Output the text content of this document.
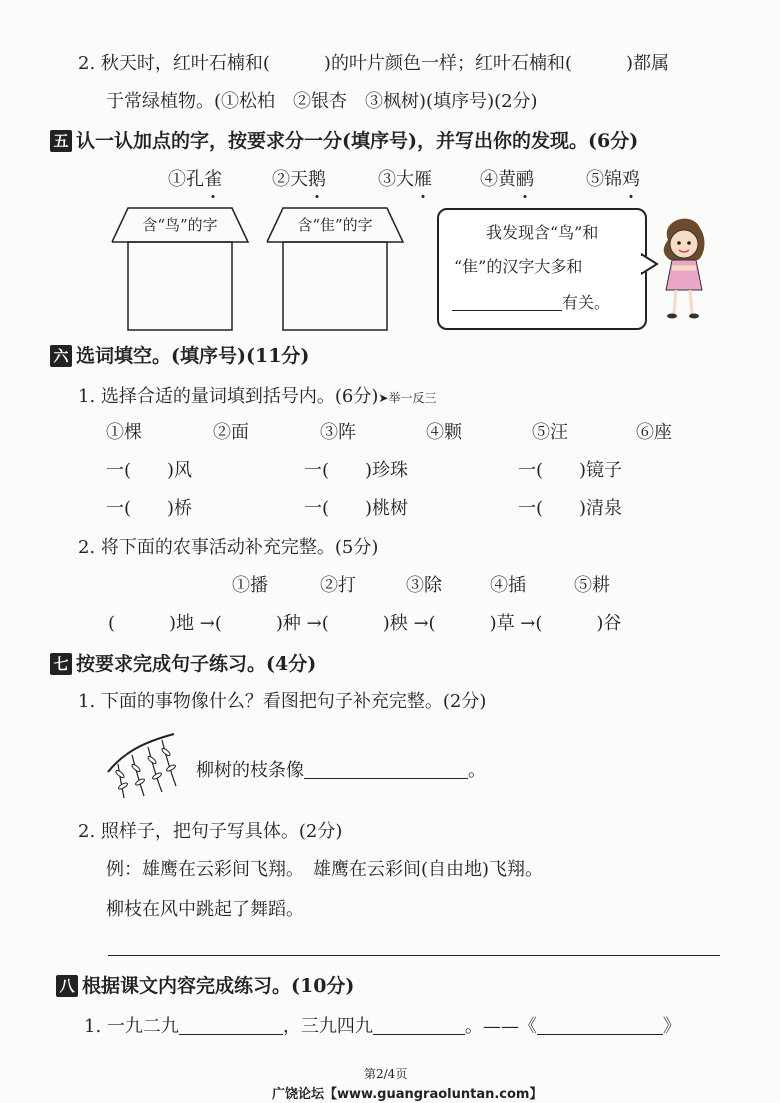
2. 秋天时，红叶石楠和(　　　)的叶片颜色一样；红叶石楠和(　　　)都属
于常绿植物。(①松柏　②银杏　③枫树)(填序号)(2分)
五 认一认加点的字，按要求分一分(填序号)，并写出你的发现。(6分)
①孔雀	②天鹅	③大雁	④黄鹂	⑤锦鸡
含“鸟”的字	含“隹”的字	我发现含“鸟”和
“隹”的汉字大多和
有关。
六 选词填空。(填序号)(11分)
1. 选择合适的量词填到括号内。(6分)➤举一反三
①棵	②面	③阵	④颗	⑤汪	⑥座
一(　　)风	一(　　)珍珠	一(　　)镜子
一(　　)桥	一(　　)桃树	一(　　)清泉
2. 将下面的农事活动补充完整。(5分)
①播	②打	③除	④插	⑤耕
(　　　)地 →(　　　)种 →(　　　)秧 →(　　　)草 →(　　　)谷
七 按要求完成句子练习。(4分)
1. 下面的事物像什么？看图把句子补充完整。(2分)
柳树的枝条像	。
2. 照样子，把句子写具体。(2分)
例：雄鹰在云彩间飞翔。　雄鹰在云彩间(自由地)飞翔。
柳枝在风中跳起了舞蹈。
八 根据课文内容完成练习。(10分)
1. 一九二九	，三九四九	。——《	》
第2/4页
广饶论坛【www.guangraoluntan.com】
